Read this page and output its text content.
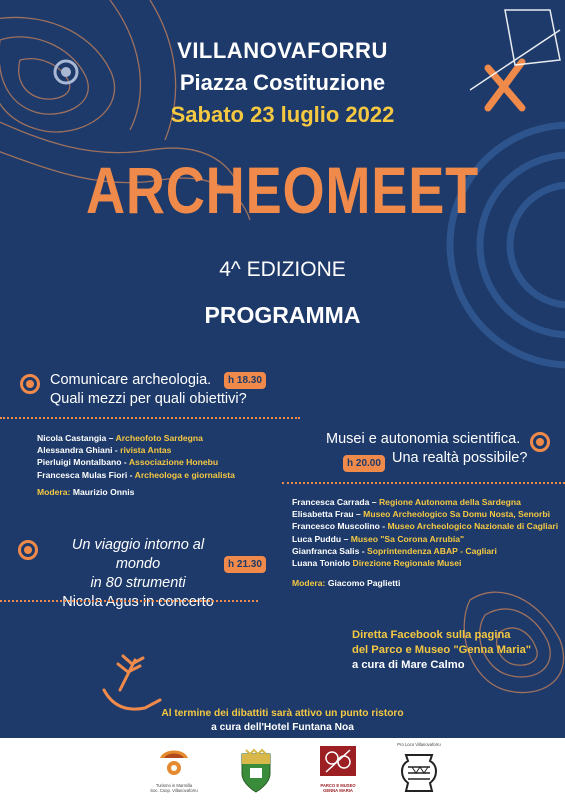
VILLANOVAFORRU
Piazza Costituzione
Sabato 23 luglio 2022
ARCHEOMEET
4^ EDIZIONE
PROGRAMMA
Comunicare archeologia.
Quali mezzi per quali obiettivi?
h 18.30
Nicola Castangia – Archeofoto Sardegna
Alessandra Ghiani - rivista Antas
Pierluigi Montalbano - Associazione Honebu
Francesca Mulas Fiori - Archeologa e giornalista
Modera: Maurizio Onnis
Musei e autonomia scientifica.
Una realtà possibile?
h 20.00
Francesca Carrada – Regione Autonoma della Sardegna
Elisabetta Frau – Museo Archeologico Sa Domu Nosta, Senorbì
Francesco Muscolino - Museo Archeologico Nazionale di Cagliari
Luca Puddu – Museo "Sa Corona Arrubia"
Gianfranca Salis - Soprintendenza ABAP - Cagliari
Luana Toniolo Direzione Regionale Musei
Modera: Giacomo Paglietti
Un viaggio intorno al mondo
in 80 strumenti
Nicola Agus in concerto
h 21.30
Diretta Facebook sulla pagina
del Parco e Museo "Genna Maria"
a cura di Mare Calmo
Al termine dei dibattiti sarà attivo un punto ristoro
a cura dell'Hotel Funtana Noa
Turismo in Marmilla
Soc. Coop. Villanovaforru
PARCO E MUSEO
GENNA MARIA
Pro Loco Villanovaforru
